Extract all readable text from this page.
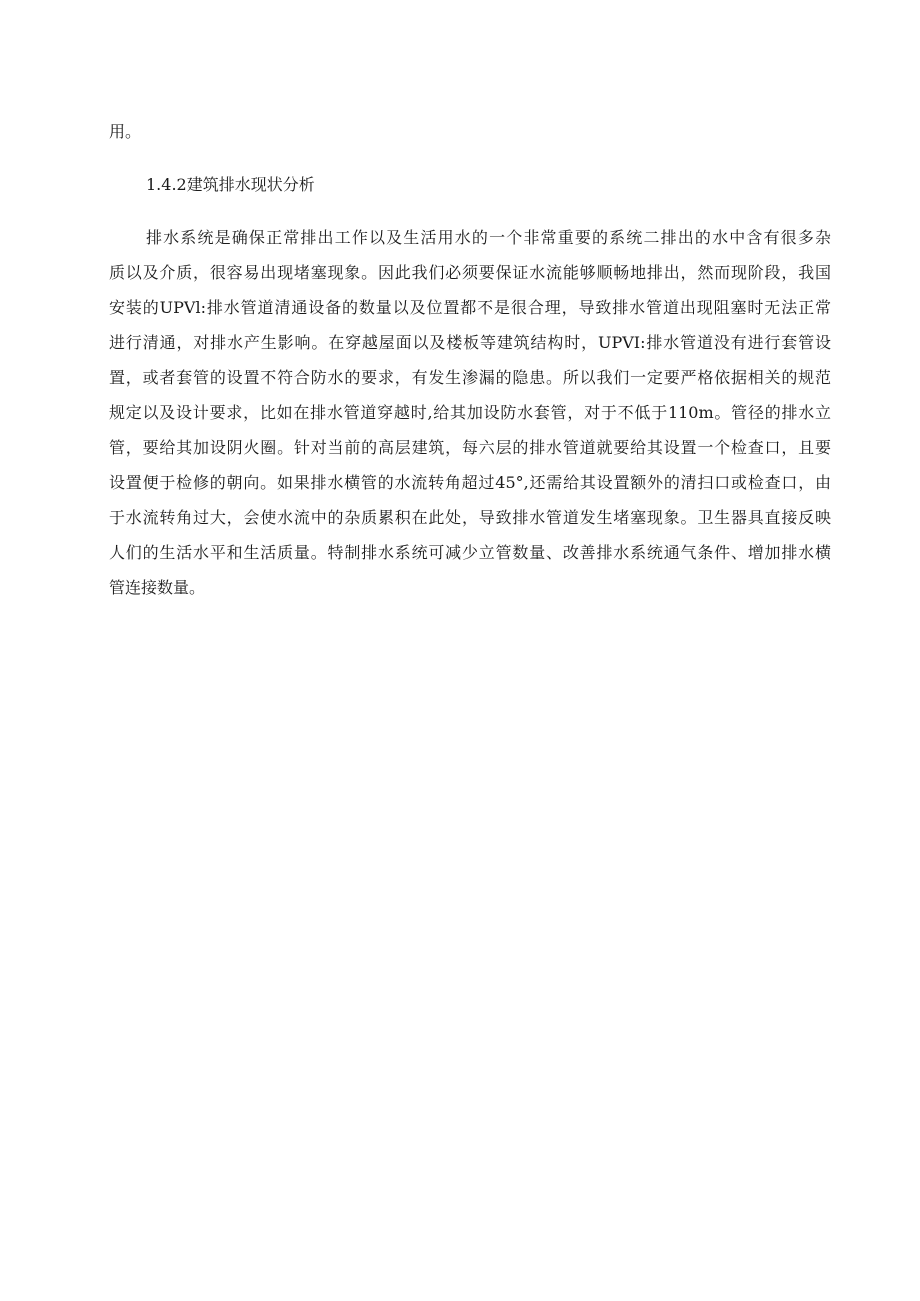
用。

1.4.2建筑排水现状分析

排水系统是确保正常排出工作以及生活用水的一个非常重要的系统二排出的水中含有很多杂

质以及介质，很容易出现堵塞现象。因此我们必须要保证水流能够顺畅地排出，然而现阶段，我国

安装的UPVl:排水管道清通设备的数量以及位置都不是很合理，导致排水管道出现阻塞时无法正常

进行清通，对排水产生影响。在穿越屋面以及楼板等建筑结构时，UPVI:排水管道没有进行套管设

置，或者套管的设置不符合防水的要求，有发生渗漏的隐患。所以我们一定要严格依据相关的规范

规定以及设计要求，比如在排水管道穿越时,给其加设防水套管，对于不低于110m。管径的排水立

管，要给其加设阴火圈。针对当前的高层建筑，每六层的排水管道就要给其设置一个检查口，且要

设置便于检修的朝向。如果排水横管的水流转角超过45°,还需给其设置额外的清扫口或检查口，由

于水流转角过大，会使水流中的杂质累积在此处，导致排水管道发生堵塞现象。卫生器具直接反映

人们的生活水平和生活质量。特制排水系统可减少立管数量、改善排水系统通气条件、增加排水横

管连接数量。
